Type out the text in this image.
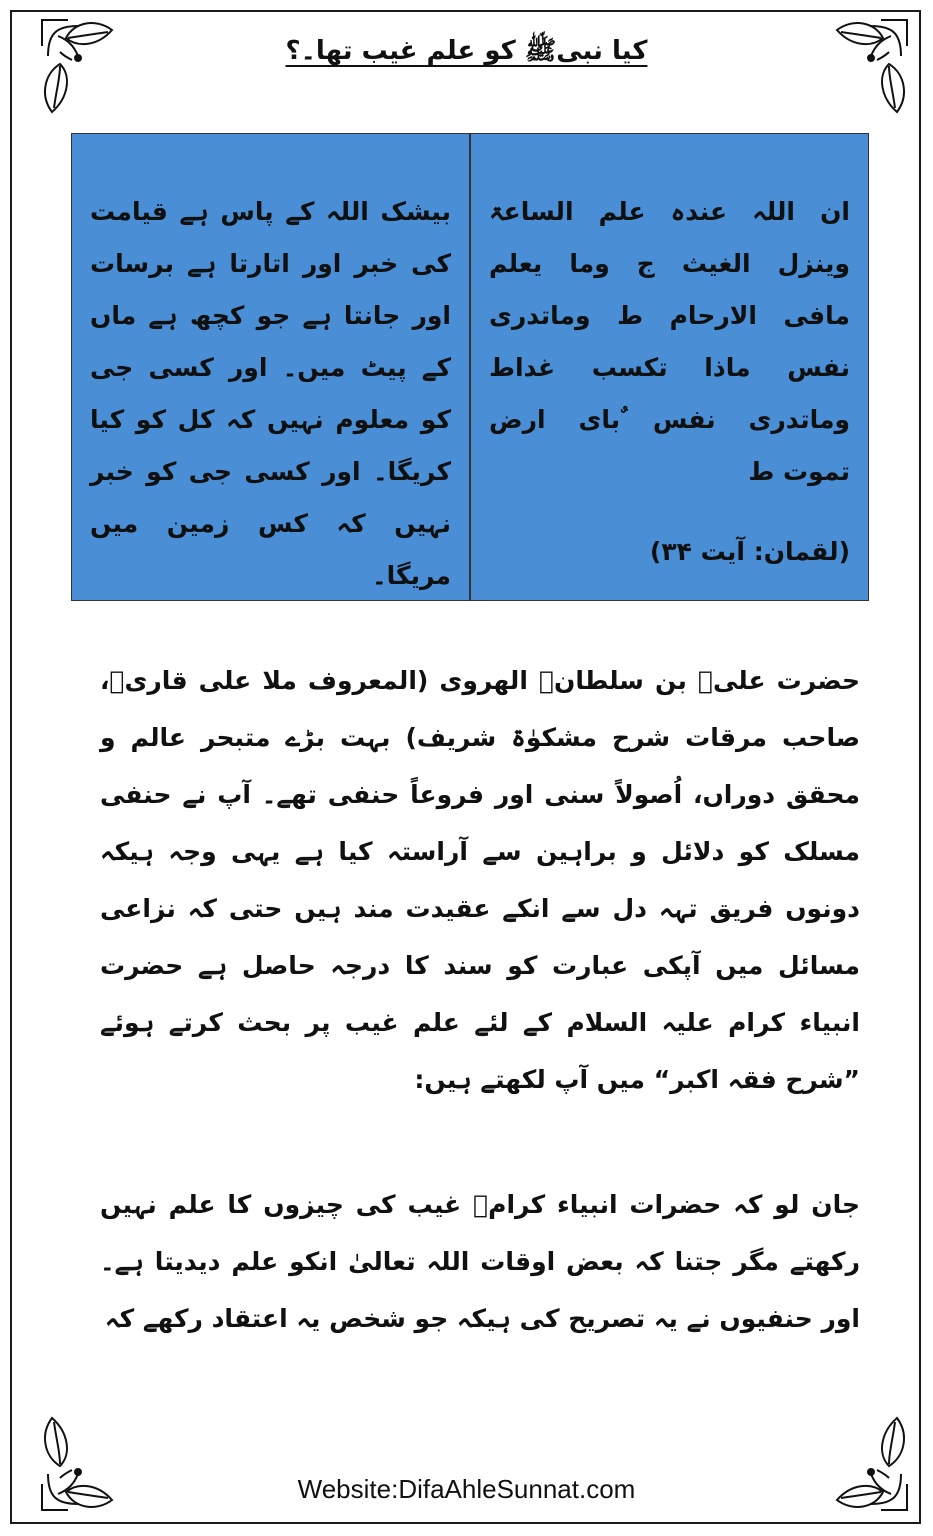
کیا نبیﷺ کو علم غیب تھا۔؟
ان اللہ عندہ علم الساعۃ وینزل الغیث ج وما یعلم مافی الارحام ط وماتدری نفس ماذا تکسب غداط وماتدری نفس ٌبای ارض تموت ط
(لقمان: آیت ۳۴)
بیشک اللہ کے پاس ہے قیامت کی خبر اور اتارتا ہے برسات اور جانتا ہے جو کچھ ہے ماں کے پیٹ میں۔ اور کسی جی کو معلوم نہیں کہ کل کو کیا کریگا۔ اور کسی جی کو خبر نہیں کہ کس زمین میں مریگا۔
حضرت علیؒ بن سلطانؒ الھروی (المعروف ملا علی قاریؒ، صاحب مرقات شرح مشکوٰۃ شریف) بہت بڑے متبحر عالم و محقق دوراں، اُصولاً سنی اور فروعاً حنفی تھے۔ آپ نے حنفی مسلک کو دلائل و براہین سے آراستہ کیا ہے یہی وجہ ہیکہ دونوں فریق تہہ دل سے انکے عقیدت مند ہیں حتی کہ نزاعی مسائل میں آپکی عبارت کو سند کا درجہ حاصل ہے حضرت انبیاء کرام علیہ السلام کے لئے علم غیب پر بحث کرتے ہوئے ”شرح فقہ اکبر“ میں آپ لکھتے ہیں:
جان لو کہ حضرات انبیاء کرامؑ غیب کی چیزوں کا علم نہیں رکھتے مگر جتنا کہ بعض اوقات اللہ تعالیٰ انکو علم دیدیتا ہے۔ اور حنفیوں نے یہ تصریح کی ہیکہ جو شخص یہ اعتقاد رکھے کہ
Website:DifaAhleSunnat.com
